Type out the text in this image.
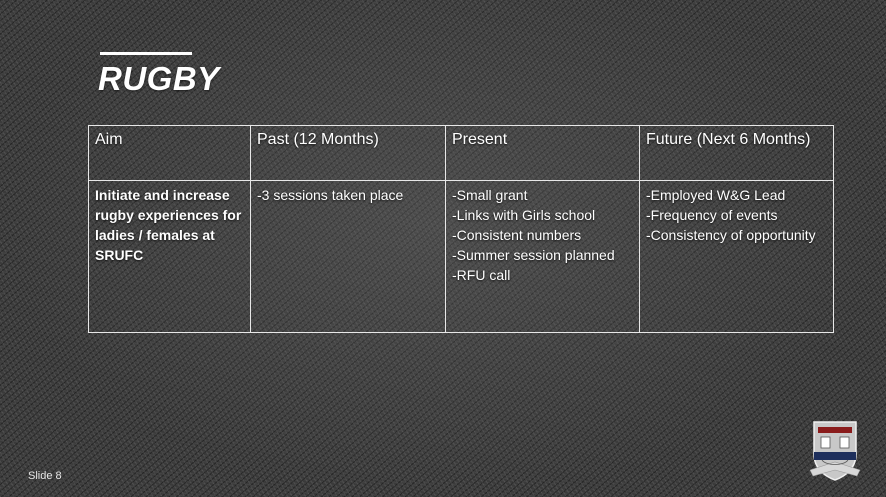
RUGBY
Aim	Past (12 Months)	Present	Future (Next 6 Months)
Initiate and increase rugby experiences for ladies / females at SRUFC	-3 sessions taken place	-Small grant
-Links with Girls school
-Consistent numbers
-Summer session planned
-RFU call	-Employed W&G Lead
-Frequency of events
-Consistency of opportunity
Slide 8
